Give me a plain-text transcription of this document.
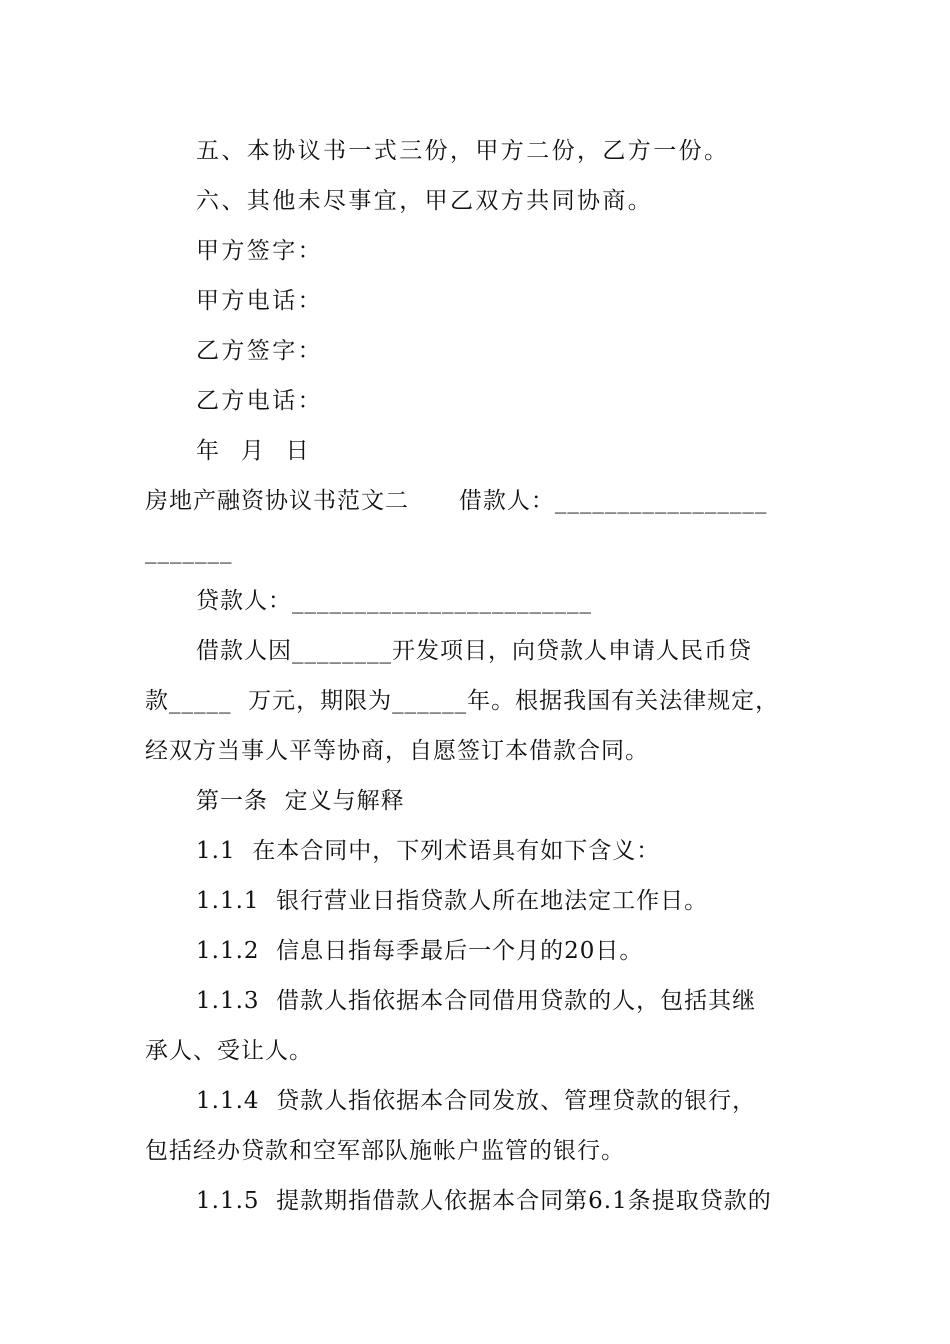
五、本协议书一式三份，甲方二份，乙方一份。
六、其他未尽事宜，甲乙双方共同协商。
甲方签字：
甲方电话：
乙方签字：
乙方电话：
年  月  日
房地产融资协议书范文二      借款人：_________________
_______
贷款人：________________________
借款人因________开发项目，向贷款人申请人民币贷
款_____  万元，期限为______年。根据我国有关法律规定，
经双方当事人平等协商，自愿签订本借款合同。
第一条  定义与解释
1.1  在本合同中，下列术语具有如下含义：
1.1.1  银行营业日指贷款人所在地法定工作日。
1.1.2  信息日指每季最后一个月的20日。
1.1.3  借款人指依据本合同借用贷款的人，包括其继
承人、受让人。
1.1.4  贷款人指依据本合同发放、管理贷款的银行，
包括经办贷款和空军部队施帐户监管的银行。
1.1.5  提款期指借款人依据本合同第6.1条提取贷款的
